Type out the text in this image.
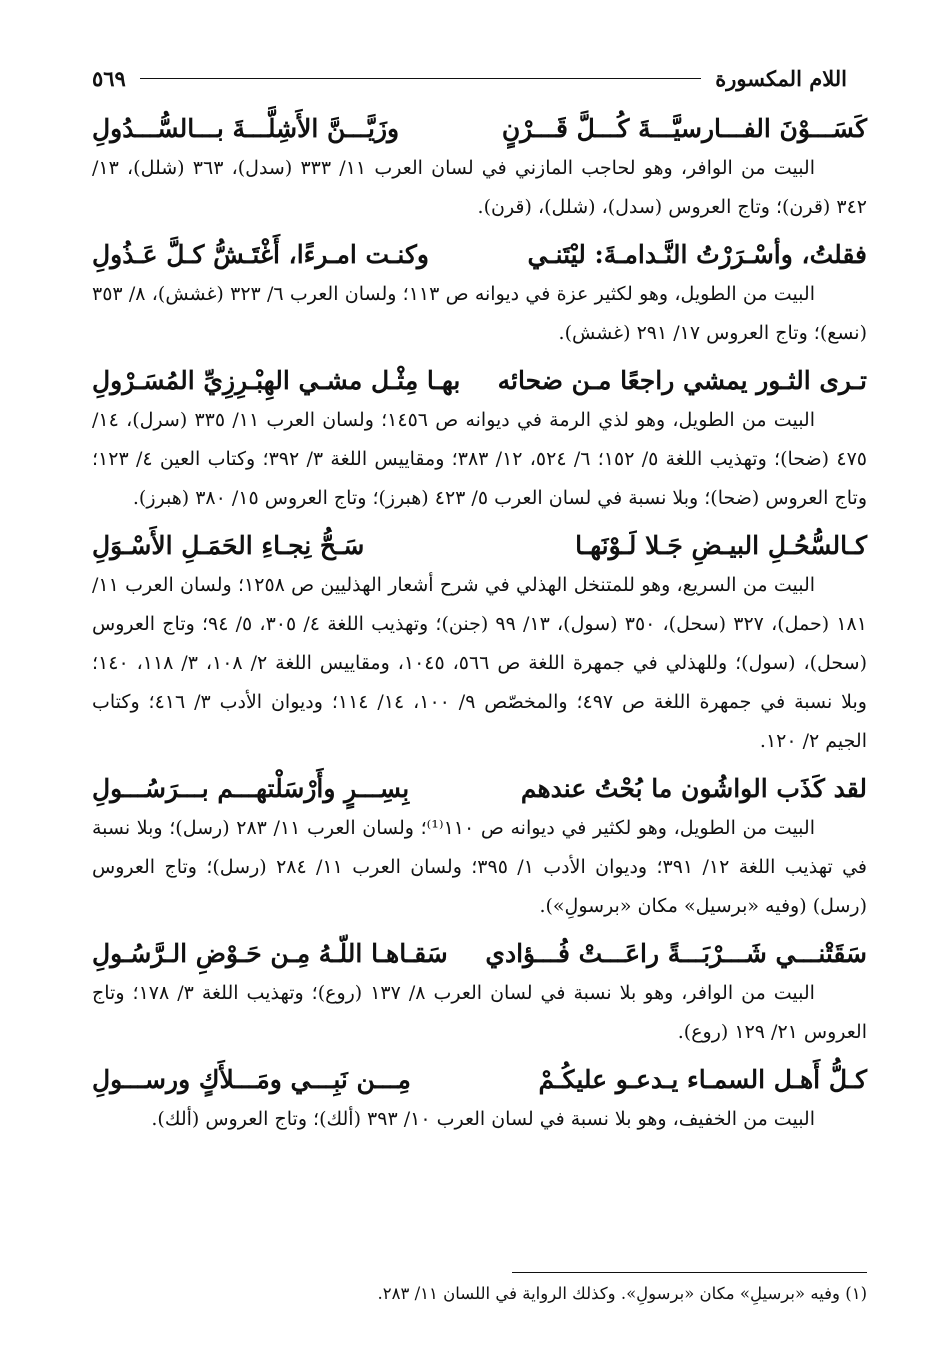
اللام المكسورة
٥٦٩
كَسَـــوْنَ الفـــارسيَّـــةَ كُـــلَّ قَـــرْنٍ
وزَيَّـــنَّ الأَشِلَّـــةَ بـــالسُّـــدُولِ

البيت من الوافر، وهو لحاجب المازني في لسان العرب ١١/ ٣٣٣ (سدل)، ٣٦٣ (شلل)، ١٣/ ٣٤٢ (قرن)؛ وتاج العروس (سدل)، (شلل)، (قرن).

فقلتُ، وأسْـرَرْتُ النَّـدامـةَ: ليْتَنـي
وكنـت امـرءًا، أَغْتَـشُّ كـلَّ عَـذُولِ

البيت من الطويل، وهو لكثير عزة في ديوانه ص ١١٣؛ ولسان العرب ٦/ ٣٢٣ (غشش)، ٨/ ٣٥٣ (نسع)؛ وتاج العروس ١٧/ ٢٩١ (غشش).

تـرى الثـور يمشي راجعًا مـن ضحائه
بهـا مِثْـل مشـي الهِبْـرِزِيِّ المُسَـرْولِ

البيت من الطويل، وهو لذي الرمة في ديوانه ص ١٤٥٦؛ ولسان العرب ١١/ ٣٣٥ (سرل)، ١٤/ ٤٧٥ (ضحا)؛ وتهذيب اللغة ٥/ ١٥٢؛ ٦/ ٥٢٤، ١٢/ ٣٨٣؛ ومقاييس اللغة ٣/ ٣٩٢؛ وكتاب العين ٤/ ١٢٣؛ وتاج العروس (ضحا)؛ وبلا نسبة في لسان العرب ٥/ ٤٢٣ (هبرز)؛ وتاج العروس ١٥/ ٣٨٠ (هبرز).

كـالسُّحُـلِ البيـضِ جَـلا لَـوْنَهـا
سَـحُّ نِجـاءِ الحَمَـلِ الأَسْـوَلِ

البيت من السريع، وهو للمتنخل الهذلي في شرح أشعار الهذليين ص ١٢٥٨؛ ولسان العرب ١١/ ١٨١ (حمل)، ٣٢٧ (سحل)، ٣٥٠ (سول)، ١٣/ ٩٩ (جنن)؛ وتهذيب اللغة ٤/ ٣٠٥، ٥/ ٩٤؛ وتاج العروس (سحل)، (سول)؛ وللهذلي في جمهرة اللغة ص ٥٦٦، ١٠٤٥، ومقاييس اللغة ٢/ ١٠٨، ٣/ ١١٨، ١٤٠؛ وبلا نسبة في جمهرة اللغة ص ٤٩٧؛ والمخصّص ٩/ ١٠٠، ١٤/ ١١٤؛ وديوان الأدب ٣/ ٤١٦؛ وكتاب الجيم ٢/ ١٢٠.

لقد كَذَب الواشُون ما بُحْتُ عندهم
بِسِـــرٍ وأَرْسَلْتهـــم بـــرَسُـــولِ

البيت من الطويل، وهو لكثير في ديوانه ص ١١٠⁽¹⁾؛ ولسان العرب ١١/ ٢٨٣ (رسل)؛ وبلا نسبة في تهذيب اللغة ١٢/ ٣٩١؛ وديوان الأدب ١/ ٣٩٥؛ ولسان العرب ١١/ ٢٨٤ (رسل)؛ وتاج العروس (رسل) (وفيه «برسيل» مكان «برسولِ»).

سَقَتْنـــي شَـــرْبَـــةً راعَـــتْ فُـــؤادي
سَقـاهـا اللّـهُ مِـن حَـوْضِ الـرَّسُـولِ

البيت من الوافر، وهو بلا نسبة في لسان العرب ٨/ ١٣٧ (روع)؛ وتهذيب اللغة ٣/ ١٧٨؛ وتاج العروس ٢١/ ١٢٩ (روع).

كـلُّ أَهـل السمـاء يـدعـو عليكُـمْ
مِـــن نَبِـــي ومَـــلأَكٍ ورســـولِ

البيت من الخفيف، وهو بلا نسبة في لسان العرب ١٠/ ٣٩٣ (ألك)؛ وتاج العروس (ألك).

(١) وفيه «برسيلِ» مكان «برسولِ». وكذلك الرواية في اللسان ١١/ ٢٨٣.
